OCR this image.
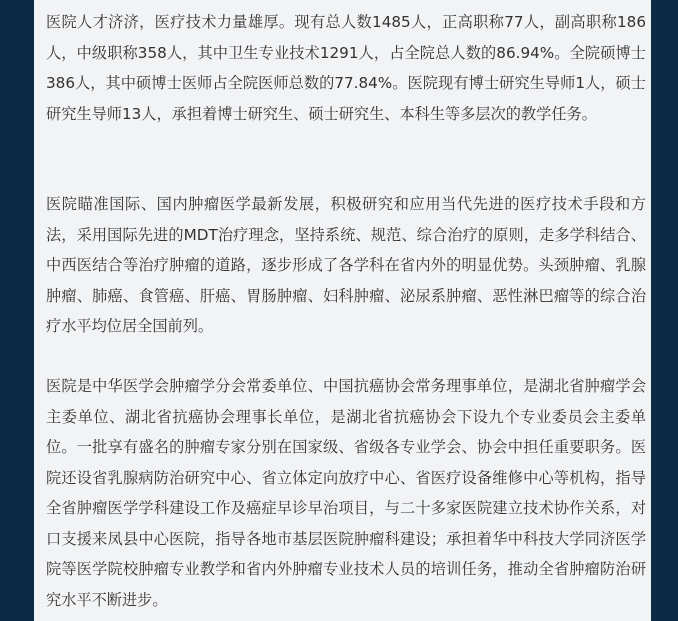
医院人才济济，医疗技术力量雄厚。现有总人数1485人，正高职称77人，副高职称186人，中级职称358人，其中卫生专业技术1291人，占全院总人数的86.94%。全院硕博士386人，其中硕博士医师占全院医师总数的77.84%。医院现有博士研究生导师1人，硕士研究生导师13人，承担着博士研究生、硕士研究生、本科生等多层次的教学任务。

医院瞄准国际、国内肿瘤医学最新发展，积极研究和应用当代先进的医疗技术手段和方法，采用国际先进的MDT治疗理念，坚持系统、规范、综合治疗的原则，走多学科结合、中西医结合等治疗肿瘤的道路，逐步形成了各学科在省内外的明显优势。头颈肿瘤、乳腺肿瘤、肺癌、食管癌、肝癌、胃肠肿瘤、妇科肿瘤、泌尿系肿瘤、恶性淋巴瘤等的综合治疗水平均位居全国前列。

医院是中华医学会肿瘤学分会常委单位、中国抗癌协会常务理事单位，是湖北省肿瘤学会主委单位、湖北省抗癌协会理事长单位，是湖北省抗癌协会下设九个专业委员会主委单位。一批享有盛名的肿瘤专家分别在国家级、省级各专业学会、协会中担任重要职务。医院还设省乳腺病防治研究中心、省立体定向放疗中心、省医疗设备维修中心等机构，指导全省肿瘤医学学科建设工作及癌症早诊早治项目，与二十多家医院建立技术协作关系，对口支援来凤县中心医院，指导各地市基层医院肿瘤科建设；承担着华中科技大学同济医学院等医学院校肿瘤专业教学和省内外肿瘤专业技术人员的培训任务，推动全省肿瘤防治研究水平不断进步。
